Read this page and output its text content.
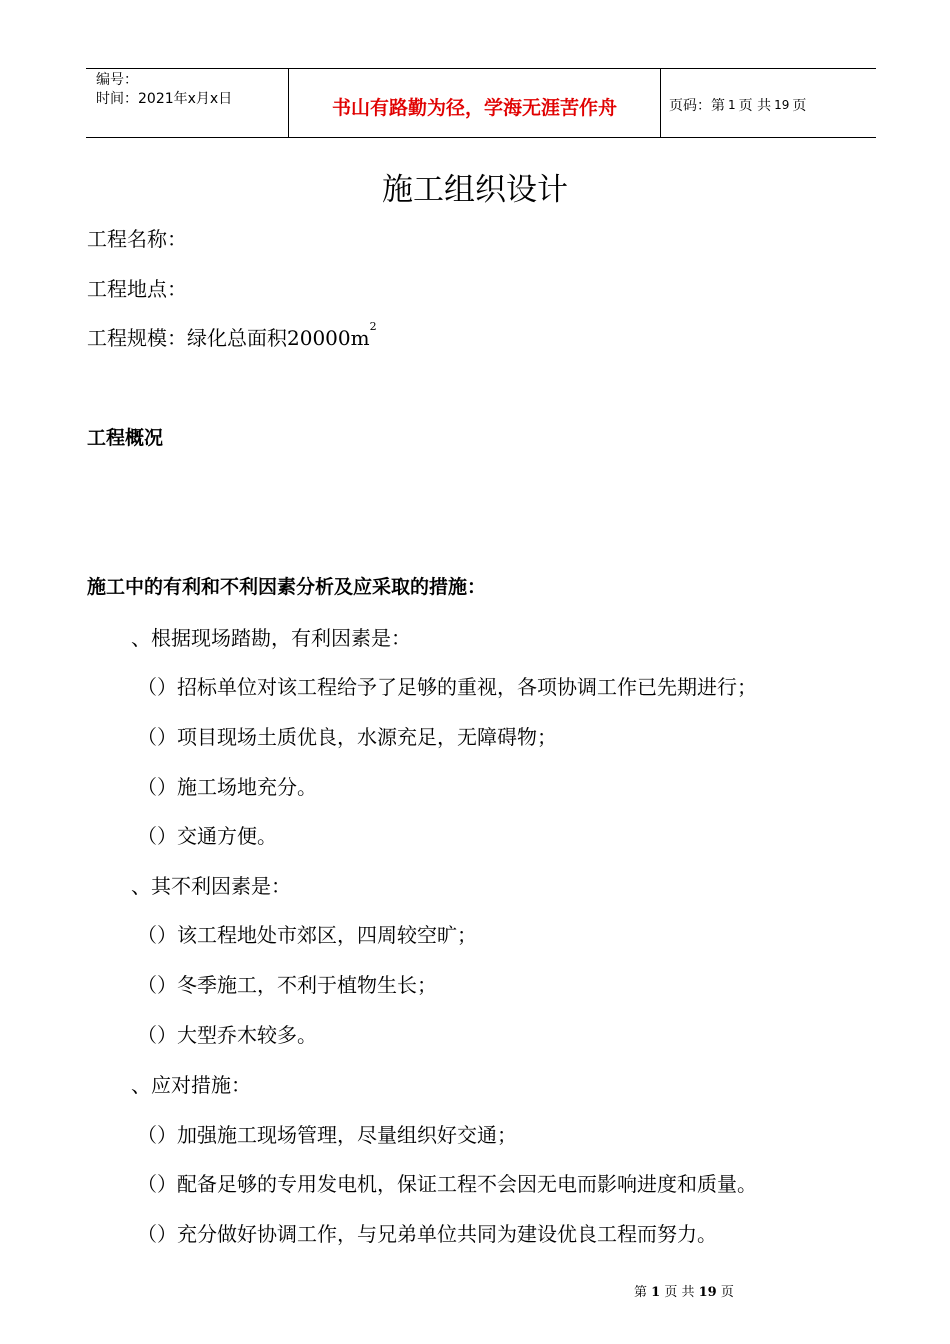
编号：
时间：2021年x月x日	书山有路勤为径，学海无涯苦作舟	页码：第 1 页 共 19 页
施工组织设计
工程名称：
工程地点：
工程规模：绿化总面积$20000m^2$
工程概况
施工中的有利和不利因素分析及应采取的措施：
、根据现场踏勘，有利因素是：
（）招标单位对该工程给予了足够的重视，各项协调工作已先期进行；
（）项目现场土质优良，水源充足，无障碍物；
（）施工场地充分。
（）交通方便。
、其不利因素是：
（）该工程地处市郊区，四周较空旷；
（）冬季施工，不利于植物生长；
（）大型乔木较多。
、应对措施：
（）加强施工现场管理，尽量组织好交通；
（）配备足够的专用发电机，保证工程不会因无电而影响进度和质量。
（）充分做好协调工作，与兄弟单位共同为建设优良工程而努力。
第 1 页 共 19 页
